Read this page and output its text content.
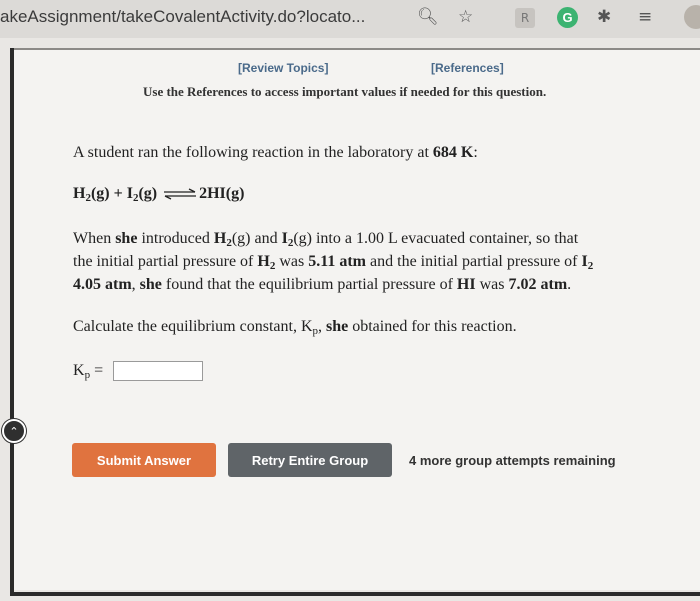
akeAssignment/takeCovalentActivity.do?locato...	🔍︎ ☆	R	G	✱ ≡
[Review Topics]	[References]
Use the References to access important values if needed for this question.
A student ran the following reaction in the laboratory at 684 K:
$H_2(g) + I_2(g)$ ⇌ 2HI(g)
When she introduced $H_2(g)$ and $I_2(g)$ into a 1.00 L evacuated container, so that
the initial partial pressure of $H_2$ was 5.11 atm and the initial partial pressure of $I_2$
4.05 atm, she found that the equilibrium partial pressure of HI was 7.02 atm.
Calculate the equilibrium constant, $K_p$, she obtained for this reaction.
$K_p$ =
⌃
Submit Answer	Retry Entire Group	4 more group attempts remaining
